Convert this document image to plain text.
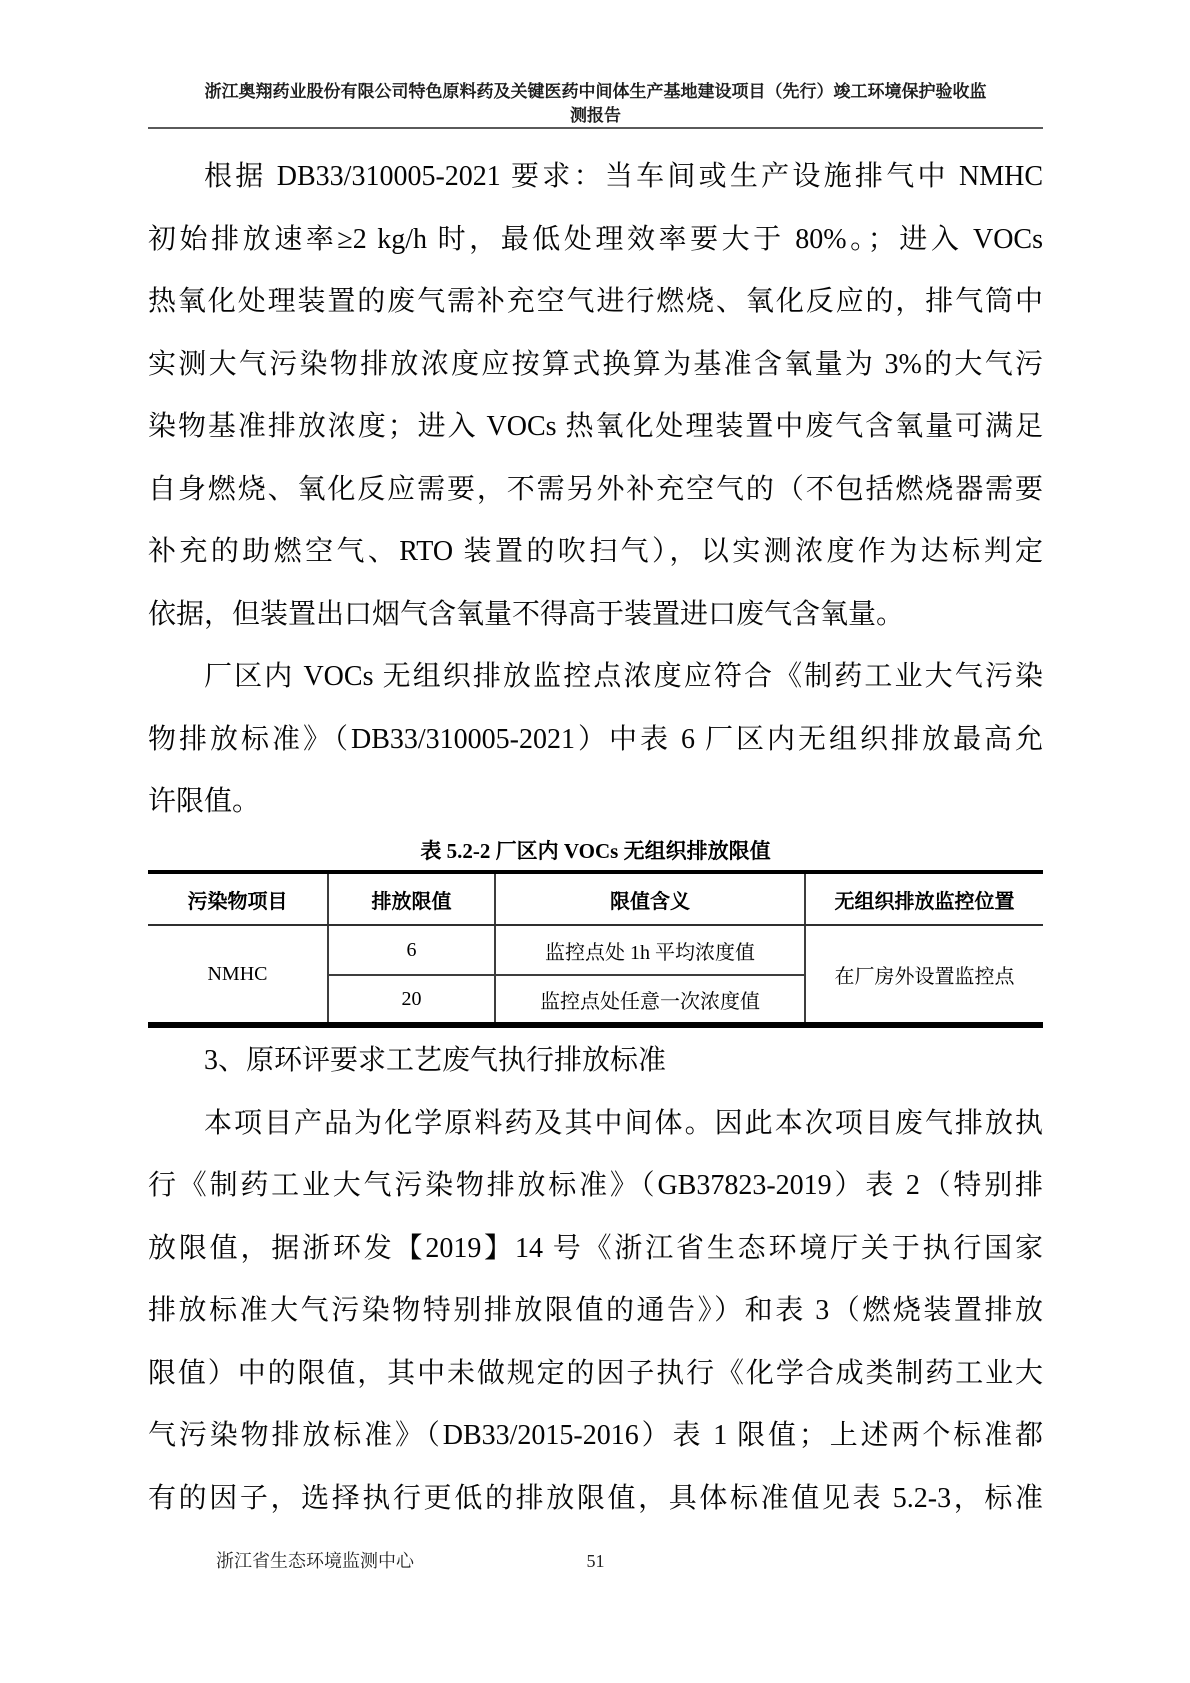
浙江奥翔药业股份有限公司特色原料药及关键医药中间体生产基地建设项目（先行）竣工环境保护验收监
测报告
根据 DB33/310005-2021 要求：当车间或生产设施排气中 NMHC
初始排放速率≥2 kg/h 时，最低处理效率要大于 80%。；进入 VOCs
热氧化处理装置的废气需补充空气进行燃烧、氧化反应的，排气筒中
实测大气污染物排放浓度应按算式换算为基准含氧量为 3%的大气污
染物基准排放浓度；进入 VOCs 热氧化处理装置中废气含氧量可满足
自身燃烧、氧化反应需要，不需另外补充空气的（不包括燃烧器需要
补充的助燃空气、RTO 装置的吹扫气），以实测浓度作为达标判定
依据，但装置出口烟气含氧量不得高于装置进口废气含氧量。
厂区内 VOCs 无组织排放监控点浓度应符合《制药工业大气污染
物排放标准》（DB33/310005-2021）中表 6 厂区内无组织排放最高允
许限值。
表 5.2-2 厂区内 VOCs 无组织排放限值
污染物项目	排放限值	限值含义	无组织排放监控位置
NMHC	6	监控点处 1h 平均浓度值	在厂房外设置监控点
	20	监控点处任意一次浓度值	
3、原环评要求工艺废气执行排放标准
本项目产品为化学原料药及其中间体。因此本次项目废气排放执
行《制药工业大气污染物排放标准》（GB37823-2019）表 2（特别排
放限值，据浙环发【2019】14 号《浙江省生态环境厅关于执行国家
排放标准大气污染物特别排放限值的通告》）和表 3（燃烧装置排放
限值）中的限值，其中未做规定的因子执行《化学合成类制药工业大
气污染物排放标准》（DB33/2015-2016）表 1 限值；上述两个标准都
有的因子，选择执行更低的排放限值，具体标准值见表 5.2-3，标准
51
浙江省生态环境监测中心
